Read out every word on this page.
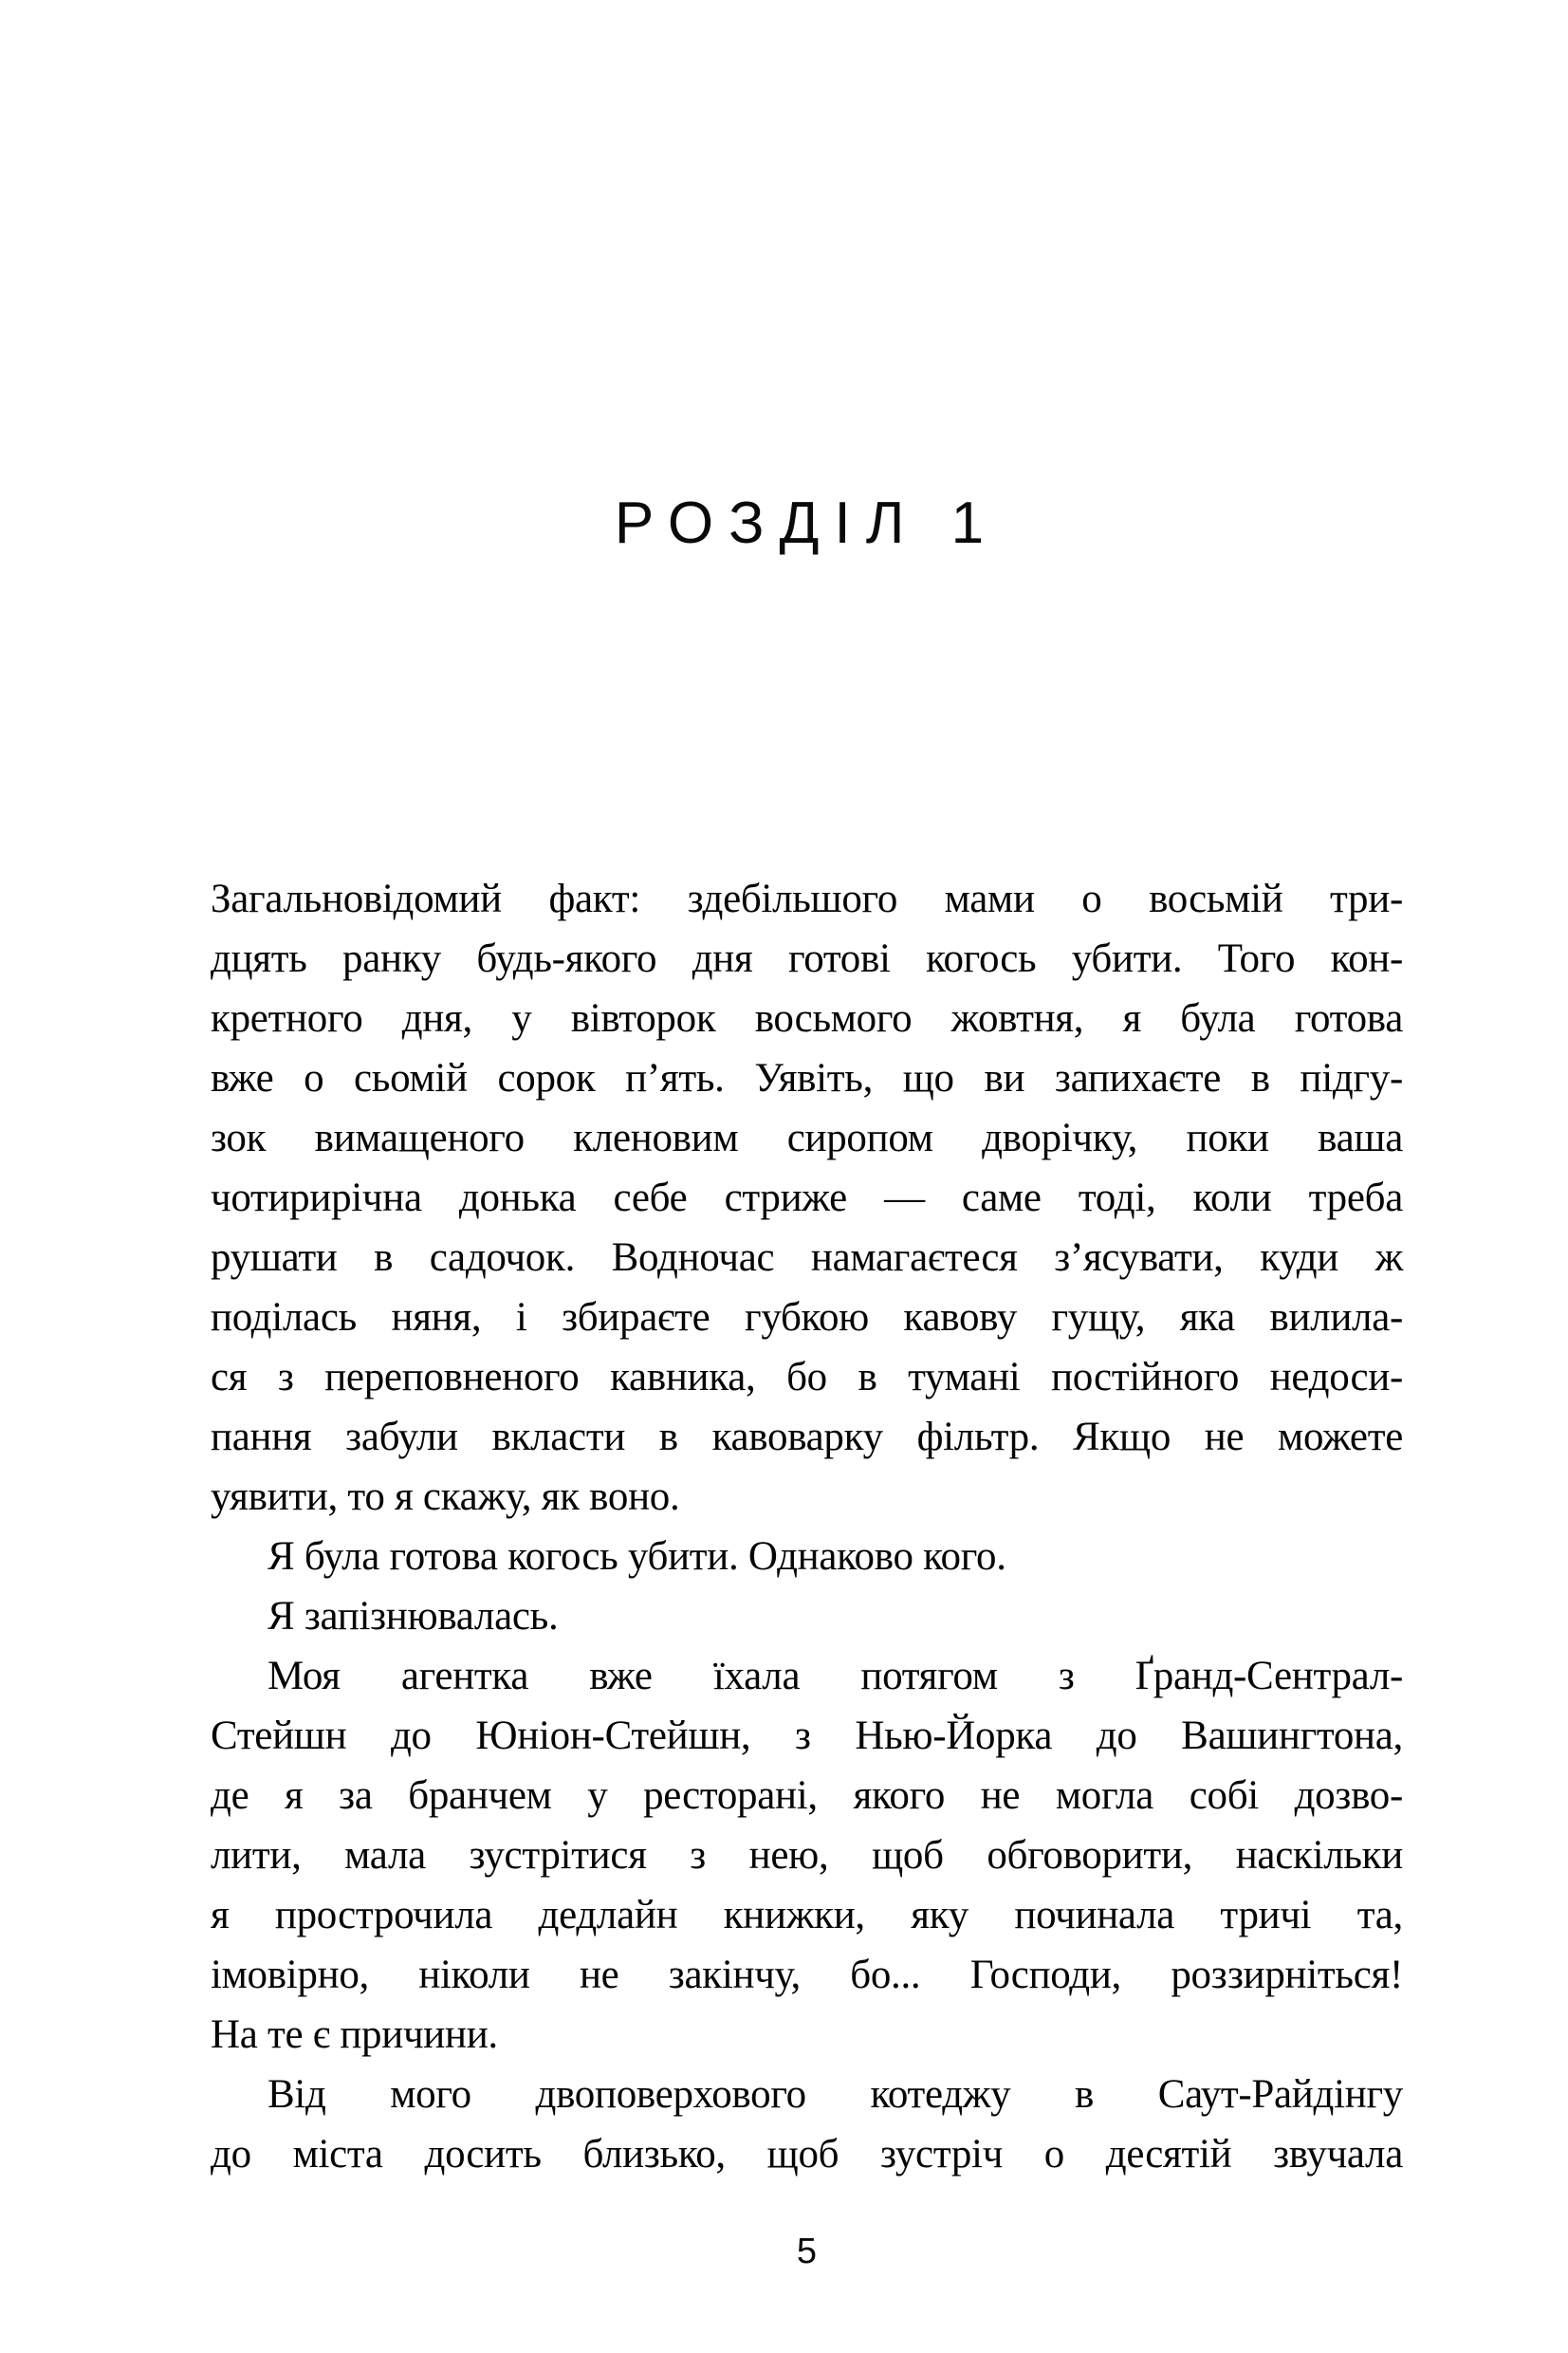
РОЗДІЛ 1
Загальновідомий факт: здебільшого мами о восьмій три-
дцять ранку будь-якого дня готові когось убити. Того кон-
кретного дня, у вівторок восьмого жовтня, я була готова
вже о сьомій сорок п’ять. Уявіть, що ви запихаєте в підгу-
зок вимащеного кленовим сиропом дворічку, поки ваша
чотирирічна донька себе стриже — саме тоді, коли треба
рушати в садочок. Водночас намагаєтеся з’ясувати, куди ж
поділась няня, і збираєте губкою кавову гущу, яка вилила-
ся з переповненого кавника, бо в тумані постійного недоси-
пання забули вкласти в кавоварку фільтр. Якщо не можете
уявити, то я скажу, як воно.
Я була готова когось убити. Однаково кого.
Я запізнювалась.
Моя агентка вже їхала потягом з Ґранд-Сентрал-
Стейшн до Юніон-Стейшн, з Нью-Йорка до Вашингтона,
де я за бранчем у ресторані, якого не могла собі дозво-
лити, мала зустрітися з нею, щоб обговорити, наскільки
я прострочила дедлайн книжки, яку починала тричі та,
імовірно, ніколи не закінчу, бо... Господи, роззирніться!
На те є причини.
Від мого двоповерхового котеджу в Саут-Райдінгу
до міста досить близько, щоб зустріч о десятій звучала
5
